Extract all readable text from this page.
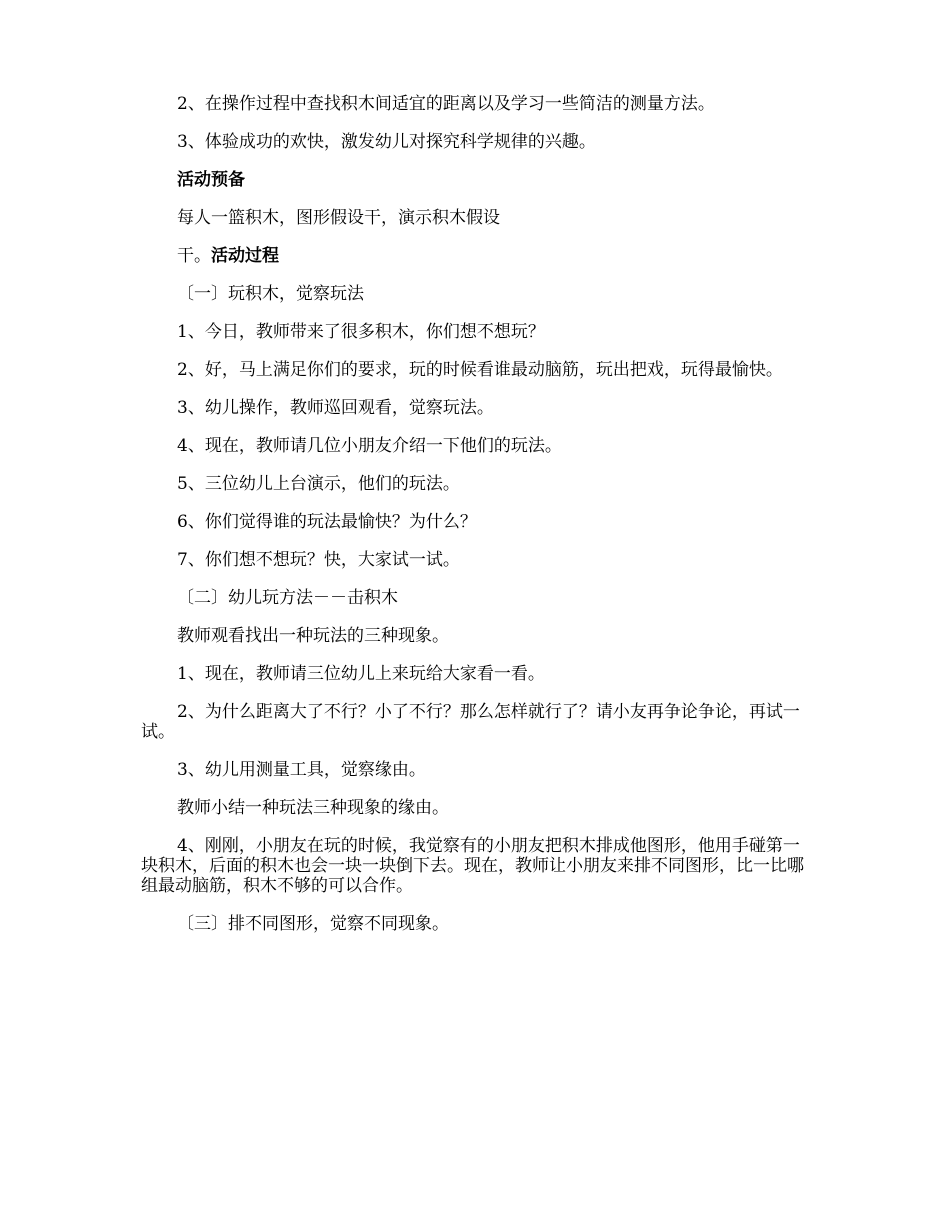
2、在操作过程中查找积木间适宜的距离以及学习一些简洁的测量方法。

3、体验成功的欢快，激发幼儿对探究科学规律的兴趣。

活动预备

每人一篮积木，图形假设干，演示积木假设

干。活动过程

〔一〕玩积木，觉察玩法

1、今日，教师带来了很多积木，你们想不想玩？

2、好，马上满足你们的要求，玩的时候看谁最动脑筋，玩出把戏，玩得最愉快。

3、幼儿操作，教师巡回观看，觉察玩法。

4、现在，教师请几位小朋友介绍一下他们的玩法。

5、三位幼儿上台演示，他们的玩法。

6、你们觉得谁的玩法最愉快？为什么？

7、你们想不想玩？快，大家试一试。

〔二〕幼儿玩方法－－击积木

教师观看找出一种玩法的三种现象。

1、现在，教师请三位幼儿上来玩给大家看一看。

2、为什么距离大了不行？小了不行？那么怎样就行了？请小友再争论争论，再试一试。

3、幼儿用测量工具，觉察缘由。

教师小结一种玩法三种现象的缘由。

4、刚刚，小朋友在玩的时候，我觉察有的小朋友把积木排成他图形，他用手碰第一块积木，后面的积木也会一块一块倒下去。现在，教师让小朋友来排不同图形，比一比哪组最动脑筋，积木不够的可以合作。

〔三〕排不同图形，觉察不同现象。
